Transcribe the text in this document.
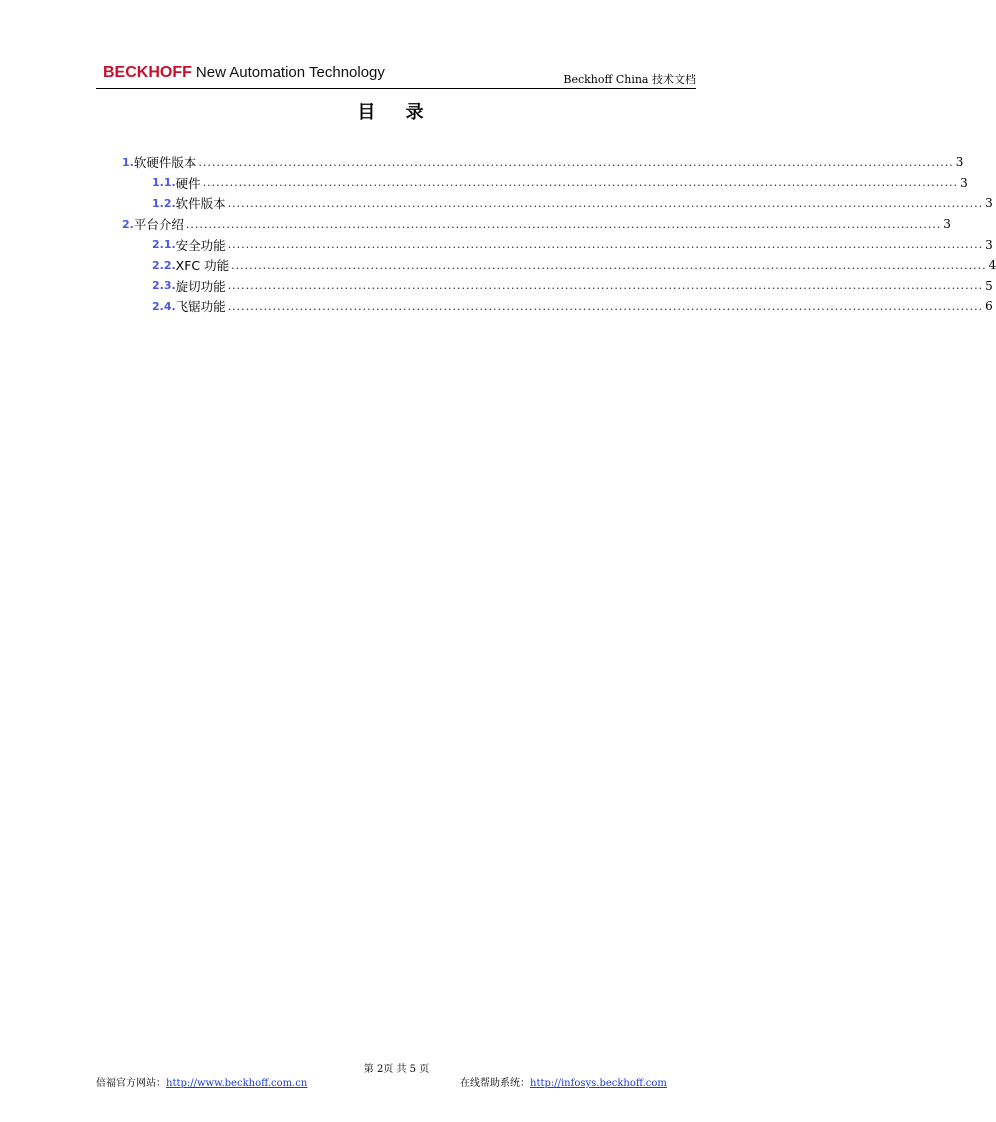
BECKHOFF New Automation Technology	Beckhoff China 技术文档
目 录
1. 软硬件版本 ........................................................................................................................................................................ 3
1.1. 硬件 ........................................................................................................................................................................ 3
1.2. 软件版本 ........................................................................................................................................................................ 3
2. 平台介绍 ........................................................................................................................................................................ 3
2.1. 安全功能 ........................................................................................................................................................................ 3
2.2. XFC 功能 ........................................................................................................................................................................ 4
2.3. 旋切功能 ........................................................................................................................................................................ 5
2.4. 飞锯功能 ........................................................................................................................................................................ 6
第 2页 共 5 页
倍福官方网站：http://www.beckhoff.com.cn	在线帮助系统：http://infosys.beckhoff.com
